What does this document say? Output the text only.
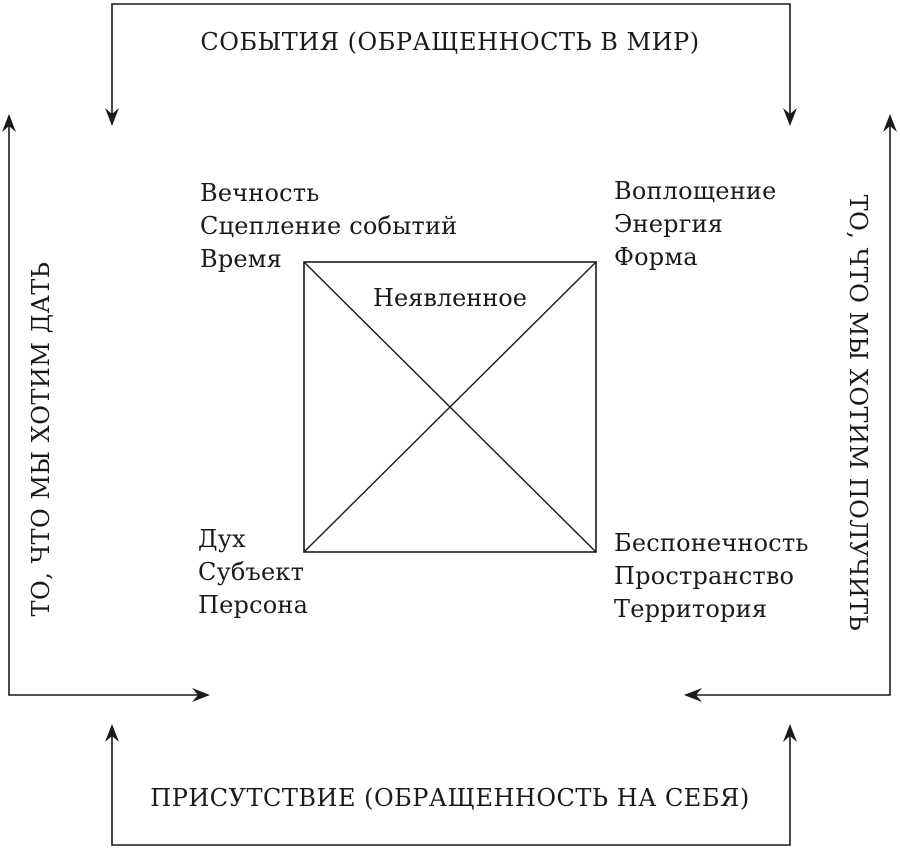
СОБЫТИЯ (ОБРАЩЕННОСТЬ В МИР)
ПРИСУТСТВИЕ (ОБРАЩЕННОСТЬ НА СЕБЯ)
ТО, ЧТО МЫ ХОТИМ ДАТЬ	ТО, ЧТО МЫ ХОТИМ ПОЛУЧИТЬ
Неявленное
Вечность
Сцепление событий
Время
Воплощение
Энергия
Форма
Дух
Субъект
Персона
Беспонечность
Пространство
Территория
